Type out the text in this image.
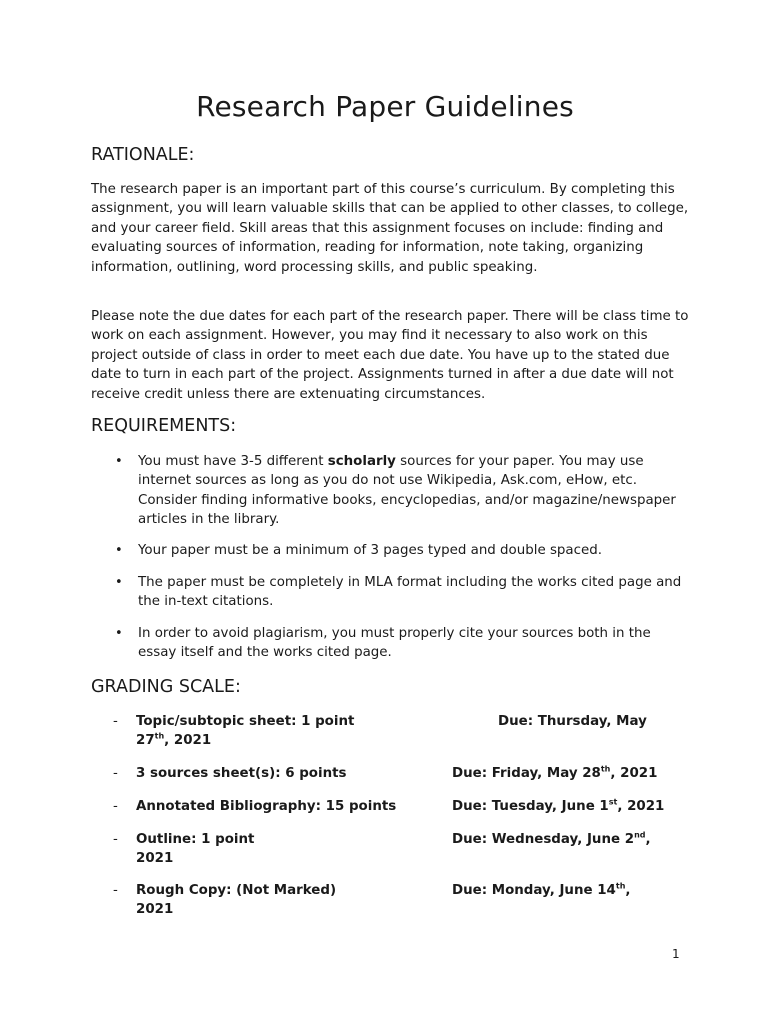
Research Paper Guidelines
RATIONALE:

The research paper is an important part of this course’s curriculum. By completing this assignment, you will learn valuable skills that can be applied to other classes, to college, and your career field. Skill areas that this assignment focuses on include: finding and evaluating sources of information, reading for information, note taking, organizing information, outlining, word processing skills, and public speaking.

Please note the due dates for each part of the research paper. There will be class time to work on each assignment. However, you may find it necessary to also work on this project outside of class in order to meet each due date. You have up to the stated due date to turn in each part of the project. Assignments turned in after a due date will not receive credit unless there are extenuating circumstances.

REQUIREMENTS:
• You must have 3-5 different scholarly sources for your paper. You may use internet sources as long as you do not use Wikipedia, Ask.com, eHow, etc. Consider finding informative books, encyclopedias, and/or magazine/newspaper articles in the library.
• Your paper must be a minimum of 3 pages typed and double spaced.
• The paper must be completely in MLA format including the works cited page and the in-text citations.
• In order to avoid plagiarism, you must properly cite your sources both in the essay itself and the works cited page.
GRADING SCALE:
- Topic/subtopic sheet: 1 point	Due: Thursday, May
27th, 2021
- 3 sources sheet(s): 6 points	Due: Friday, May 28th, 2021
- Annotated Bibliography: 15 points	Due: Tuesday, June 1st, 2021
- Outline: 1 point	Due: Wednesday, June 2nd,
2021
- Rough Copy: (Not Marked)	Due: Monday, June 14th,
2021
1
